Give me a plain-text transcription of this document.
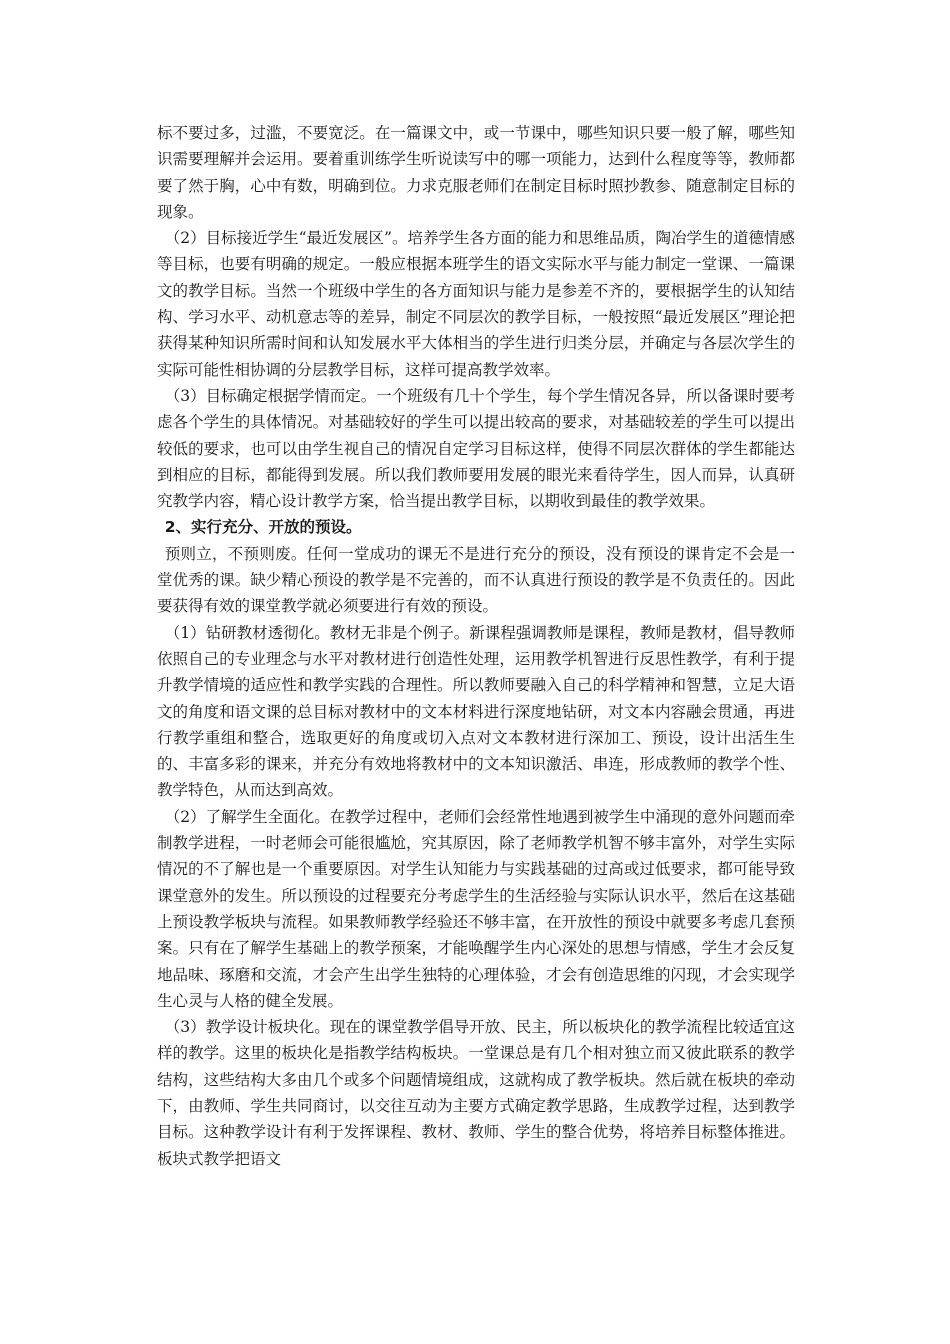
标不要过多，过滥，不要宽泛。在一篇课文中，或一节课中，哪些知识只要一般了解，哪些知识需要理解并会运用。要着重训练学生听说读写中的哪一项能力，达到什么程度等等，教师都要了然于胸，心中有数，明确到位。力求克服老师们在制定目标时照抄教参、随意制定目标的现象。

（2）目标接近学生“最近发展区”。培养学生各方面的能力和思维品质，陶冶学生的道德情感等目标，也要有明确的规定。一般应根据本班学生的语文实际水平与能力制定一堂课、一篇课文的教学目标。当然一个班级中学生的各方面知识与能力是参差不齐的，要根据学生的认知结构、学习水平、动机意志等的差异，制定不同层次的教学目标，一般按照“最近发展区”理论把获得某种知识所需时间和认知发展水平大体相当的学生进行归类分层，并确定与各层次学生的实际可能性相协调的分层教学目标，这样可提高教学效率。

（3）目标确定根据学情而定。一个班级有几十个学生，每个学生情况各异，所以备课时要考虑各个学生的具体情况。对基础较好的学生可以提出较高的要求，对基础较差的学生可以提出较低的要求，也可以由学生视自己的情况自定学习目标这样，使得不同层次群体的学生都能达到相应的目标，都能得到发展。所以我们教师要用发展的眼光来看待学生，因人而异，认真研究教学内容，精心设计教学方案，恰当提出教学目标，以期收到最佳的教学效果。

2、实行充分、开放的预设。

预则立，不预则废。任何一堂成功的课无不是进行充分的预设，没有预设的课肯定不会是一堂优秀的课。缺少精心预设的教学是不完善的，而不认真进行预设的教学是不负责任的。因此要获得有效的课堂教学就必须要进行有效的预设。

（1）钻研教材透彻化。教材无非是个例子。新课程强调教师是课程，教师是教材，倡导教师依照自己的专业理念与水平对教材进行创造性处理，运用教学机智进行反思性教学，有利于提升教学情境的适应性和教学实践的合理性。所以教师要融入自己的科学精神和智慧，立足大语文的角度和语文课的总目标对教材中的文本材料进行深度地钻研，对文本内容融会贯通，再进行教学重组和整合，选取更好的角度或切入点对文本教材进行深加工、预设，设计出活生生的、丰富多彩的课来，并充分有效地将教材中的文本知识激活、串连，形成教师的教学个性、教学特色，从而达到高效。

（2）了解学生全面化。在教学过程中，老师们会经常性地遇到被学生中涌现的意外问题而牵制教学进程，一时老师会可能很尴尬，究其原因，除了老师教学机智不够丰富外，对学生实际情况的不了解也是一个重要原因。对学生认知能力与实践基础的过高或过低要求，都可能导致课堂意外的发生。所以预设的过程要充分考虑学生的生活经验与实际认识水平，然后在这基础上预设教学板块与流程。如果教师教学经验还不够丰富，在开放性的预设中就要多考虑几套预案。只有在了解学生基础上的教学预案，才能唤醒学生内心深处的思想与情感，学生才会反复地品味、琢磨和交流，才会产生出学生独特的心理体验，才会有创造思维的闪现，才会实现学生心灵与人格的健全发展。

（3）教学设计板块化。现在的课堂教学倡导开放、民主，所以板块化的教学流程比较适宜这样的教学。这里的板块化是指教学结构板块。一堂课总是有几个相对独立而又彼此联系的教学结构，这些结构大多由几个或多个问题情境组成，这就构成了教学板块。然后就在板块的牵动下，由教师、学生共同商讨，以交往互动为主要方式确定教学思路，生成教学过程，达到教学目标。这种教学设计有利于发挥课程、教材、教师、学生的整合优势，将培养目标整体推进。板块式教学把语文
